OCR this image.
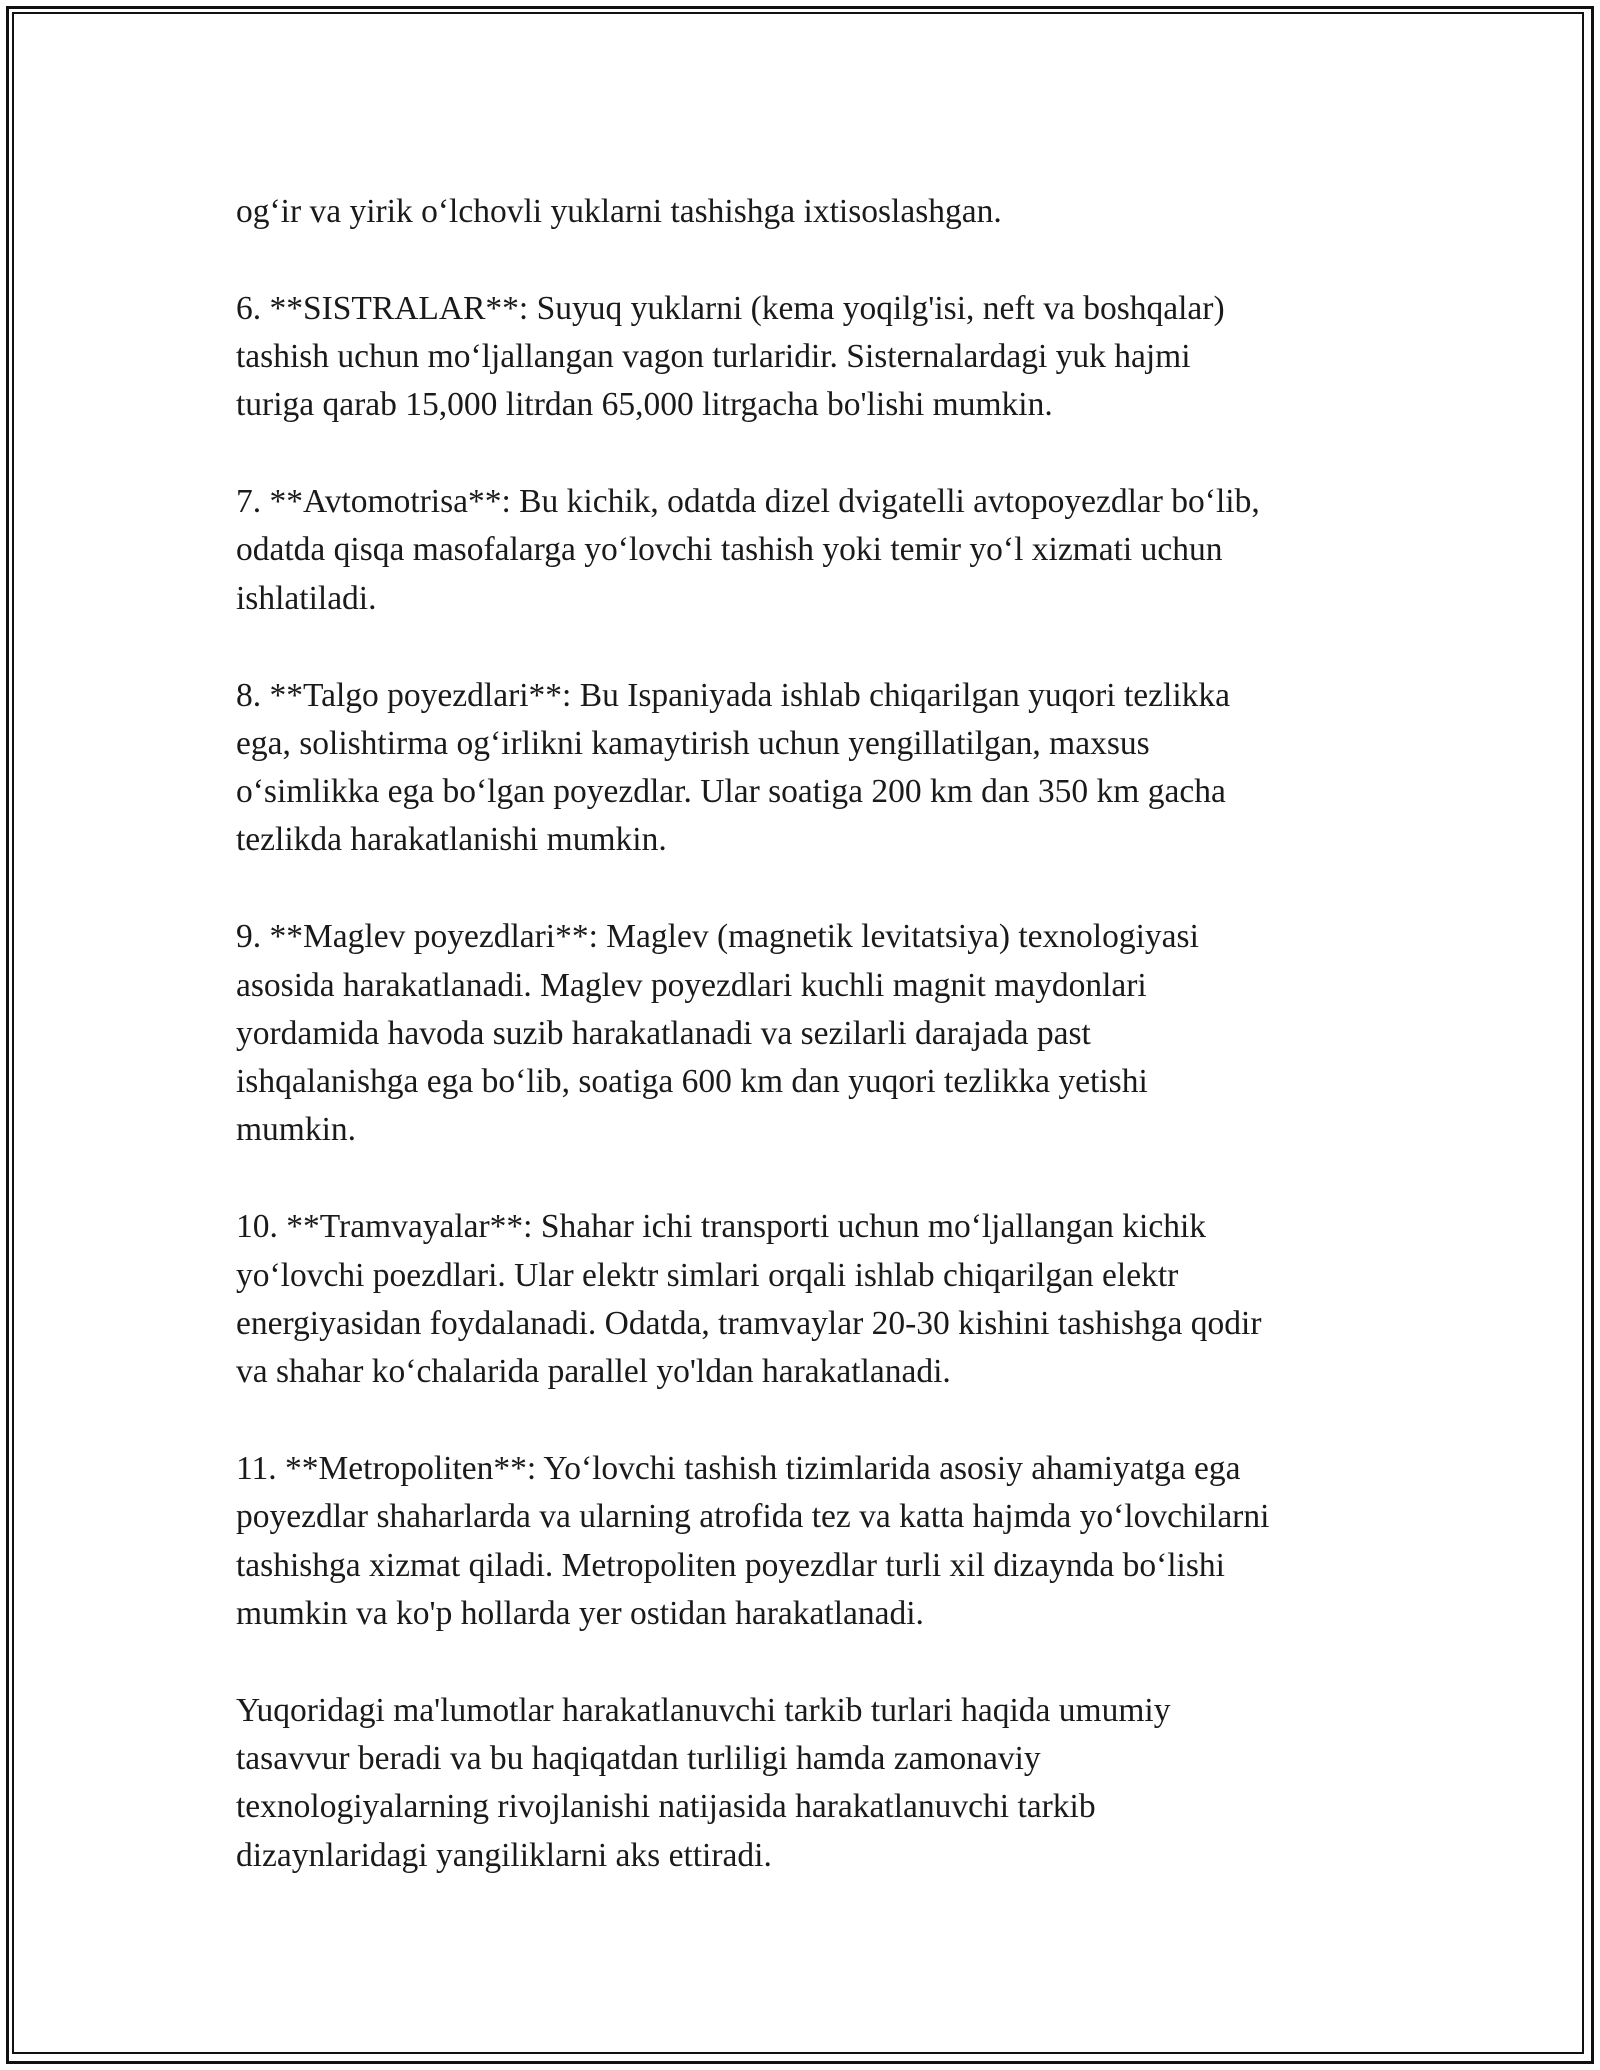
og‘ir va yirik o‘lchovli yuklarni tashishga ixtisoslashgan.

6. **SISTRALAR**: Suyuq yuklarni (kema yoqilg'isi, neft va boshqalar)
tashish uchun mo‘ljallangan vagon turlaridir. Sisternalardagi yuk hajmi
turiga qarab 15,000 litrdan 65,000 litrgacha bo'lishi mumkin.

7. **Avtomotrisa**: Bu kichik, odatda dizel dvigatelli avtopoyezdlar bo‘lib,
odatda qisqa masofalarga yo‘lovchi tashish yoki temir yo‘l xizmati uchun
ishlatiladi.

8. **Talgo poyezdlari**: Bu Ispaniyada ishlab chiqarilgan yuqori tezlikka
ega, solishtirma og‘irlikni kamaytirish uchun yengillatilgan, maxsus
o‘simlikka ega bo‘lgan poyezdlar. Ular soatiga 200 km dan 350 km gacha
tezlikda harakatlanishi mumkin.

9. **Maglev poyezdlari**: Maglev (magnetik levitatsiya) texnologiyasi
asosida harakatlanadi. Maglev poyezdlari kuchli magnit maydonlari
yordamida havoda suzib harakatlanadi va sezilarli darajada past
ishqalanishga ega bo‘lib, soatiga 600 km dan yuqori tezlikka yetishi
mumkin.

10. **Tramvayalar**: Shahar ichi transporti uchun mo‘ljallangan kichik
yo‘lovchi poezdlari. Ular elektr simlari orqali ishlab chiqarilgan elektr
energiyasidan foydalanadi. Odatda, tramvaylar 20-30 kishini tashishga qodir
va shahar ko‘chalarida parallel yo'ldan harakatlanadi.

11. **Metropoliten**: Yo‘lovchi tashish tizimlarida asosiy ahamiyatga ega
poyezdlar shaharlarda va ularning atrofida tez va katta hajmda yo‘lovchilarni
tashishga xizmat qiladi. Metropoliten poyezdlar turli xil dizaynda bo‘lishi
mumkin va ko'p hollarda yer ostidan harakatlanadi.

Yuqoridagi ma'lumotlar harakatlanuvchi tarkib turlari haqida umumiy
tasavvur beradi va bu haqiqatdan turliligi hamda zamonaviy
texnologiyalarning rivojlanishi natijasida harakatlanuvchi tarkib
dizaynlaridagi yangiliklarni aks ettiradi.
